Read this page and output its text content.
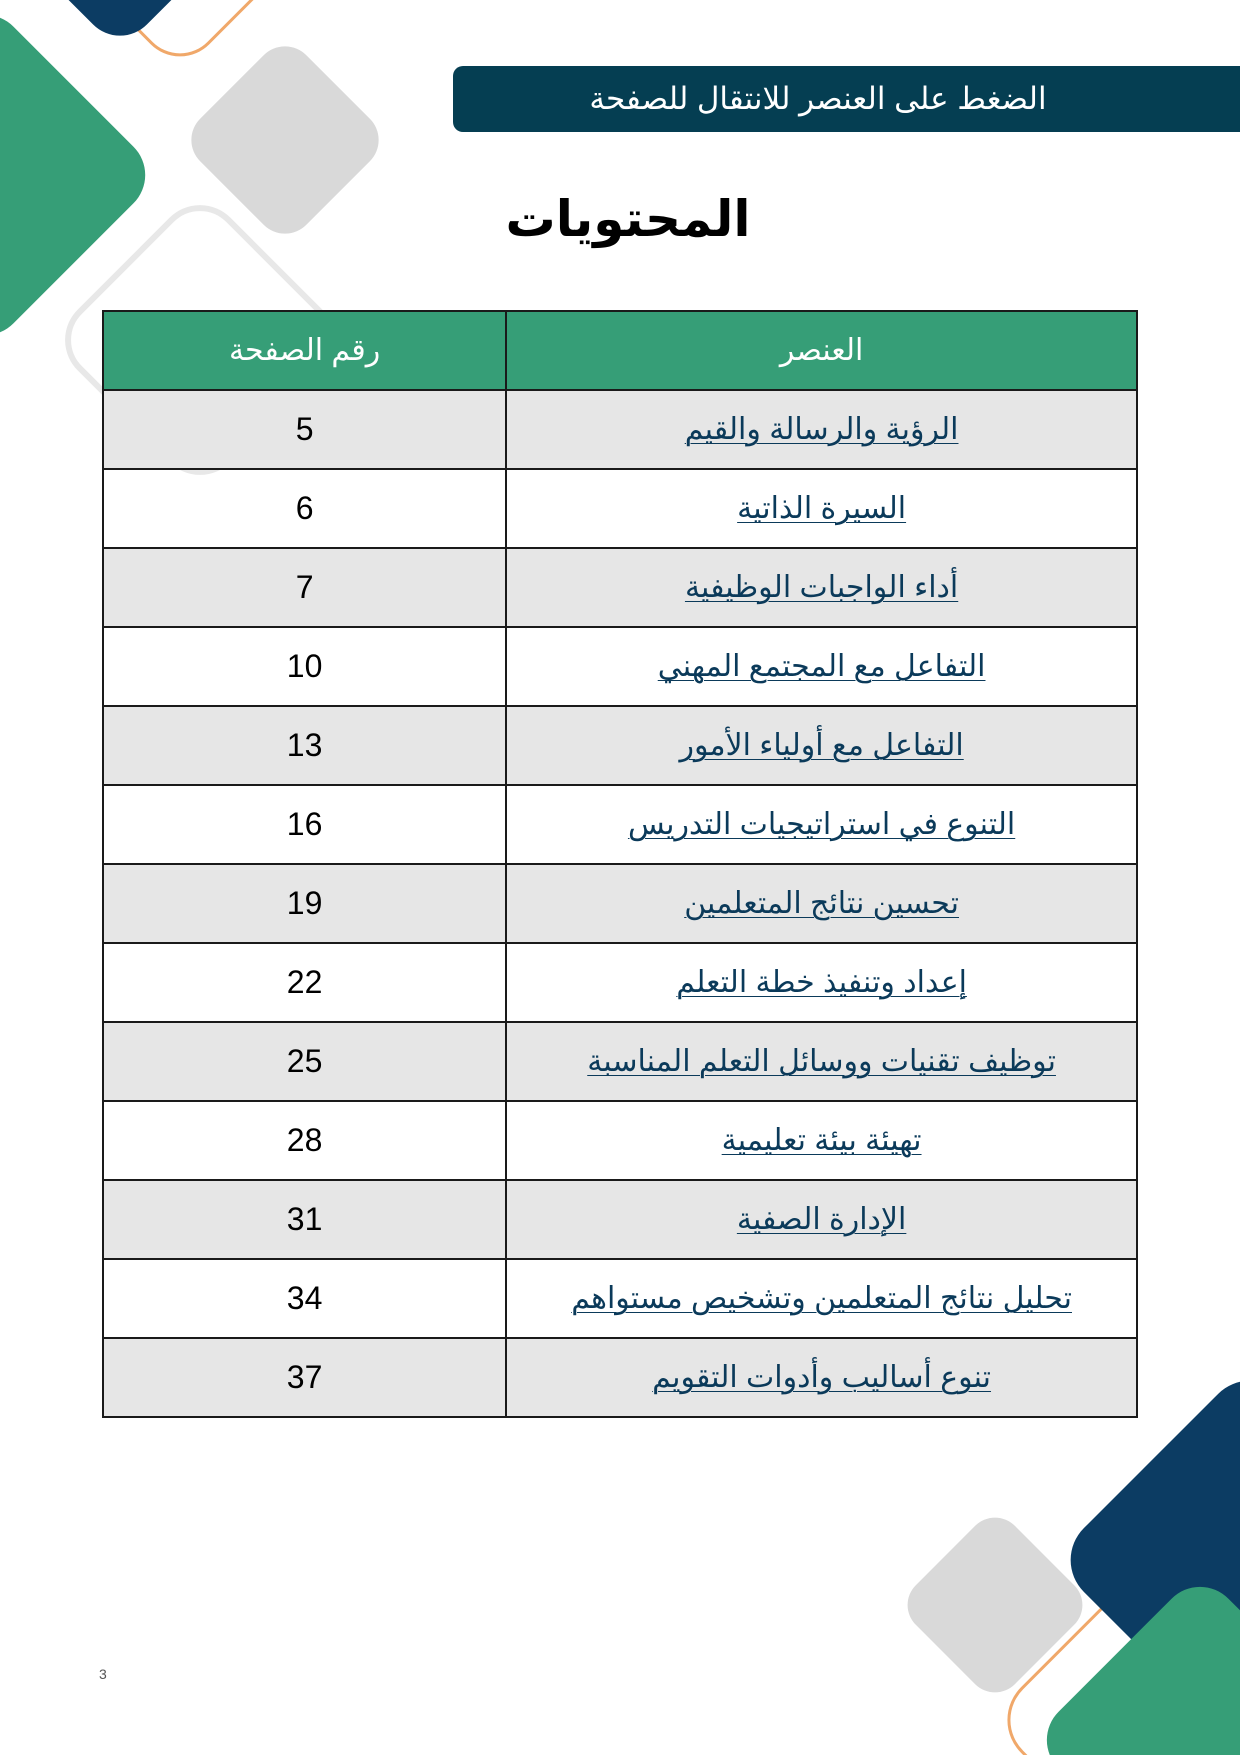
الضغط على العنصر للانتقال للصفحة
المحتويات
رقم الصفحة	العنصر
5	الرؤية والرسالة والقيم
6	السيرة الذاتية
7	أداء الواجبات الوظيفية
10	التفاعل مع المجتمع المهني
13	التفاعل مع أولياء الأمور
16	التنوع في استراتيجيات التدريس
19	تحسين نتائج المتعلمين
22	إعداد وتنفيذ خطة التعلم
25	توظيف تقنيات ووسائل التعلم المناسبة
28	تهيئة بيئة تعليمية
31	الإدارة الصفية
34	تحليل نتائج المتعلمين وتشخيص مستواهم
37	تنوع أساليب وأدوات التقويم
3
